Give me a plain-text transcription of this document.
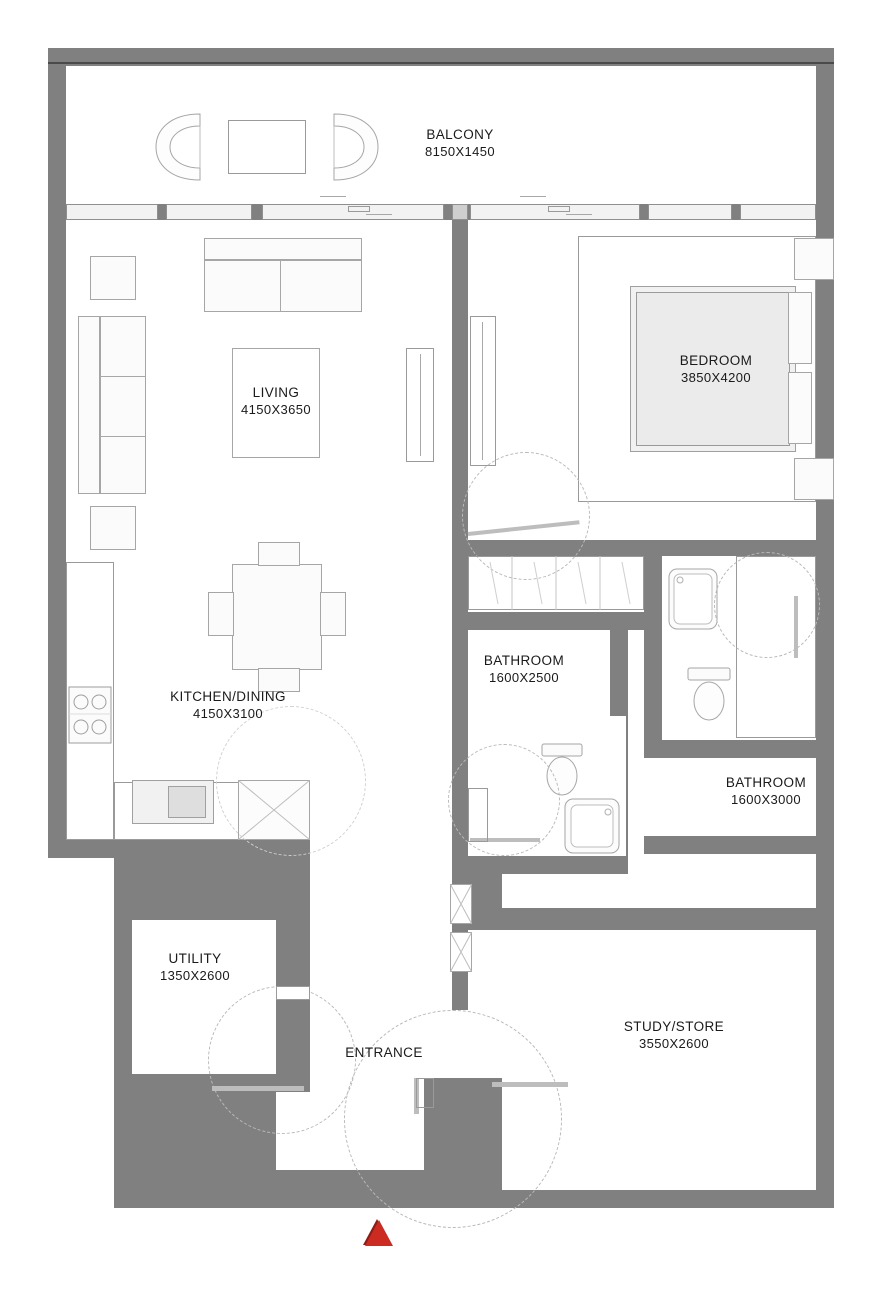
BALCONY
8150X1450
LIVING
4150X3650
BEDROOM
3850X4200
KITCHEN/DINING
4150X3100
BATHROOM
1600X2500
BATHROOM
1600X3000
UTILITY
1350X2600
STUDY/STORE
3550X2600
ENTRANCE
